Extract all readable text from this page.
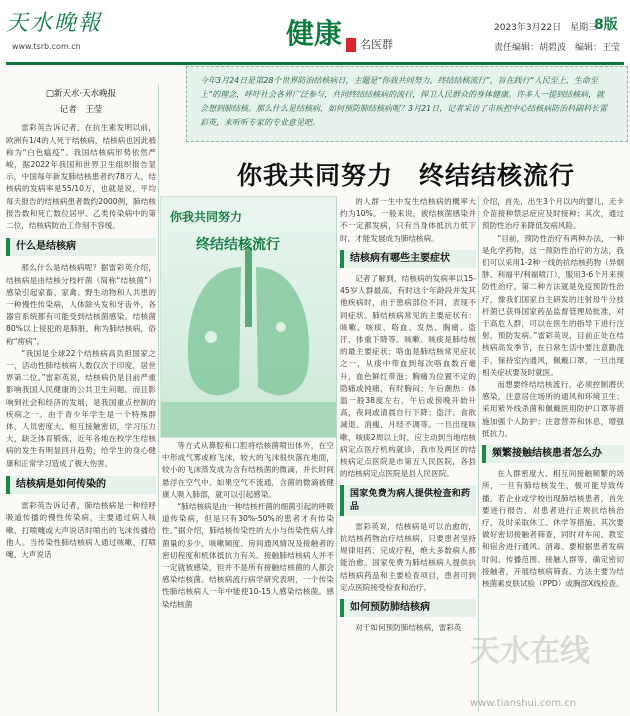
天水晚報
www.tsrb.com.cn	健康 名医群
2023年3月22日　星期三
8版
责任编辑：胡碧波　编辑：王莹
今年3月24日是第28个世界防治结核病日，主题是“你我共同努力，终结结核流行”，旨在践行“人民至上，生命至上”的理念，呼吁社会各界广泛参与，共同终结结核病的流行，捍卫人民群众的身体健康。许多人一提到结核病，就会想到肺结核。那么什么是结核病，如何预防肺结核病呢？3月21日，记者采访了市疾控中心结核病防治科副科长雷彩英，来听听专家的专业意见吧。
你我共同努力　终结结核流行
□新天水·天水晚报
记者　王莹

雷彩英告诉记者，在抗生素发明以前，欧洲有1/4的人死于结核病，结核病也因此被称为“白色瘟疫”。我国结核病形势依然严峻，据2022年我国和世界卫生组织报告显示，中国每年新发肺结核患者约78万人，结核病的发病率是55/10万，也就是说，平均每天报告的结核病患者数约2000例，肺结核报告数和死亡数位居甲、乙类传染病中的第二位，结核病防治工作刻不容缓。

什么是结核病

那么什么是结核病呢？据雷彩英介绍，结核病是由结核分枝杆菌（简称“结核菌”）感染引起家畜、家禽、野生动物和人共患的一种慢性传染病，人体除头发和牙齿外，各器官系统都有可能受到结核菌感染。结核菌80%以上侵犯的是肺脏，称为肺结核病，俗称“痨病”。

“我国是全球22个结核病高负担国家之一，活动性肺结核病人数仅次于印度，居世界第二位。”雷彩英说，结核病仍是目前严重影响我国人民健康的公共卫生问题，而且影响到社会和经济的发展，是我国重点控制的疾病之一。由于青少年学生是一个特殊群体，人员密度大、相互接触密切，学习压力大，缺乏体育锻炼，近年各地在校学生结核病的发生有明显回升趋势，给学生的身心健康和正常学习造成了极大伤害。

结核病是如何传染的

雷彩英告诉记者，肺结核病是一种经呼吸道传播的慢性传染病，主要通过病人咳嗽、打喷嚏或大声说话时喷出的飞沫传播给他人。当传染性肺结核病人通过咳嗽、打喷嚏、大声说话

你我共同努力
终结结核流行

等方式从鼻腔和口腔将结核菌喷出体外，在空中形成气雾或称飞沫，较大的飞沫很快落在地面，较小的飞沫蒸发成为含有结核菌的微滴，并长时间悬浮在空气中。如果空气不流通，含菌的微滴被健康人吸入肺部，就可以引起感染。

“肺结核病是由一种结核杆菌的细菌引起的呼吸道传染病，但是只有30%-50%的患者才有传染性。”据介绍，肺结核传染性的大小与传染性病人排菌量的多少、咳嗽频度、房间通风情况及接触者的密切程度和机体抵抗力有关。接触肺结核病人并不一定就被感染，但并不是所有接触结核菌的人都会感染结核菌。结核病流行病学研究表明，一个传染性肺结核病人一年中能使10-15人感染结核菌。感染结核菌

的人群一生中发生结核病的概率大约为10%。一般来说，被结核菌感染并不一定都发病，只有当身体抵抗力低下时，才能发展成为肺结核病。

结核病有哪些主要症状

记者了解到，结核病的发病率以15-45岁人群最高，有时这个年龄段并发其他疾病时，由于患病部位不同，表现不同症状。肺结核病常见的主要症状有：咳嗽、咳痰、咯血、发热、胸痛、盗汗、体重下降等。咳嗽、咳痰是肺结核的最主要症状；咯血是肺结核常见症状之一，从痰中带血到每次咯血数百毫升，血色鲜红带泡；胸痛为位置不定的隐痛或钝痛，有时胸闷；午后潮热：体温一般38度左右，午后或傍晚开始升高，夜间或清晨自行下降；盗汗、食欲减退、消瘦、月经不调等。一旦出现咳嗽、咳痰2周以上时，应主动到当地结核病定点医疗机构就诊，我市及两区的结核病定点医院是市第五人民医院，各县的结核病定点医院是县人民医院。

国家免费为病人提供检查和药品

雷彩英说，结核病是可以治愈的，抗结核药物治疗结核病，只要患者坚持规律用药、完成疗程，绝大多数病人都能治愈。国家免费为肺结核病人提供抗结核病药品和主要检查项目，患者可到定点医院接受检查和治疗。

如何预防肺结核病

对于如何预防肺结核病，雷彩英

介绍，首先，出生3个月以内的婴儿，无卡介苗接种禁忌症应及时接种；其次，通过预防性治疗来降低发病风险。

“目前，预防性治疗有两种办法，一种是化学药物，这一预防性治疗的方法，我们可以采用1-2种一线的抗结核药物（异烟肼、利福平/利福喷汀），服用3-6个月来预防性治疗。第二种方法就是免疫预防性治疗，像我们国家自主研发的注射母牛分枝杆菌已获得国家药品监督管理局批准，对于高危人群，可以在医生的指导下进行注射，预防发病。”雷彩英说，目前正处在结核病高发季节，在日常生活中要注意勤洗手，保持室内通风，佩戴口罩，一旦出现相关症状要及时就医。

而想要终结结核流行，必须控制潜伏感染，注意居住场所的通风和环境卫生；采用紫外线杀菌和佩戴医用防护口罩等措施加强个人防护；注意营养和休息，增强抵抗力。

频繁接触结核患者怎么办

在人群密度大、相互间接触频繁的场所，一旦有肺结核发生，极可能导致传播。若企业或学校出现肺结核患者，首先要进行报告，对患者进行正规抗结核治疗，及时采取休工、休学等措施。其次要做好密切接触者筛查，同时对车间、教室和宿舍进行通风、消毒。要根据患者发病时间、传播范围、接触人群等，确定密切接触者，开展结核病筛查。方法主要为结核菌素皮肤试验（PPD）或胸部X线检查。

天水在线
www.tianshui.com.cn
